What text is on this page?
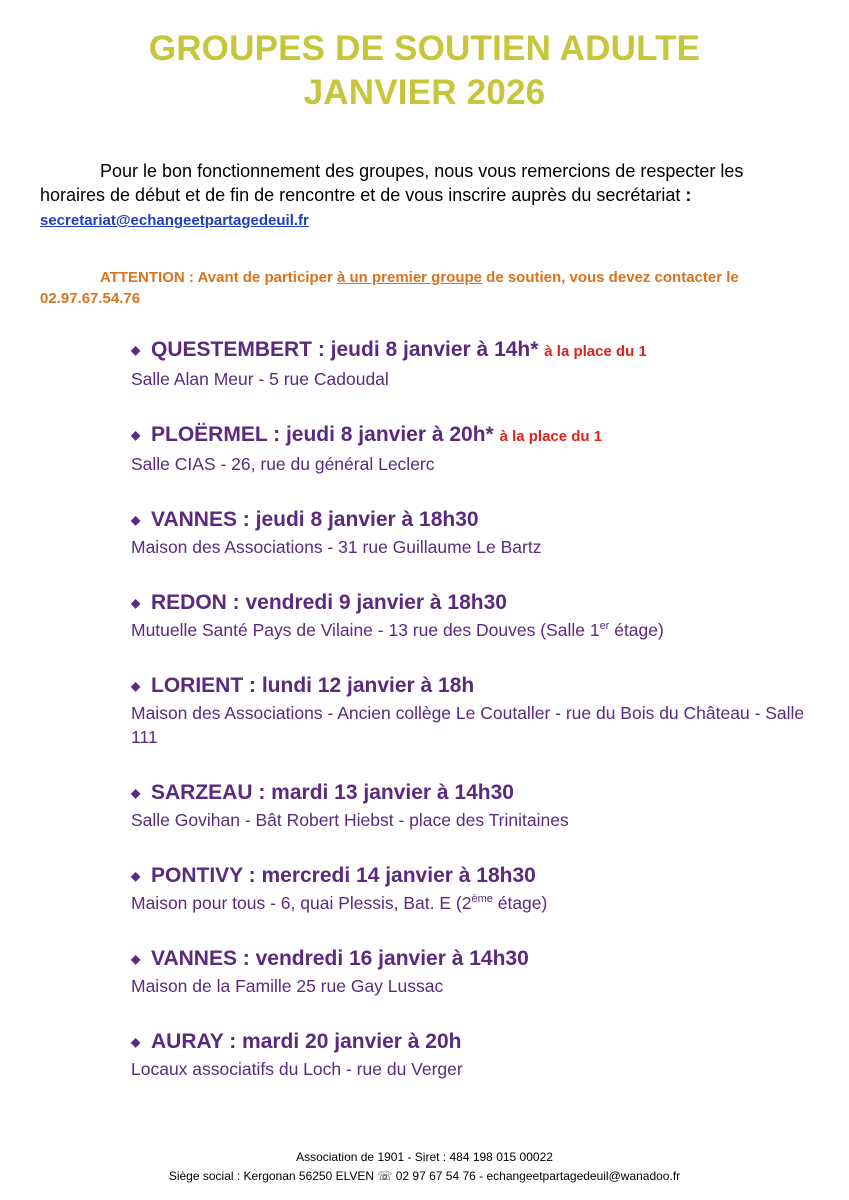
GROUPES DE SOUTIEN ADULTE
JANVIER 2026
Pour le bon fonctionnement des groupes, nous vous remercions de respecter les horaires de début et de fin de rencontre et de vous inscrire auprès du secrétariat : secretariat@echangeetpartagedeuil.fr
ATTENTION : Avant de participer à un premier groupe de soutien, vous devez contacter le 02.97.67.54.76
◆ QUESTEMBERT : jeudi 8 janvier à 14h* à la place du 1
Salle Alan Meur - 5 rue Cadoudal
◆ PLOËRMEL : jeudi 8 janvier à 20h* à la place du 1
Salle CIAS - 26, rue du général Leclerc
◆ VANNES : jeudi 8 janvier à 18h30
Maison des Associations - 31 rue Guillaume Le Bartz
◆ REDON : vendredi 9 janvier à 18h30
Mutuelle Santé Pays de Vilaine - 13 rue des Douves (Salle 1er étage)
◆ LORIENT : lundi 12 janvier à 18h
Maison des Associations - Ancien collège Le Coutaller - rue du Bois du Château - Salle 111
◆ SARZEAU : mardi 13 janvier à 14h30
Salle Govihan - Bât Robert Hiebst - place des Trinitaines
◆ PONTIVY : mercredi 14 janvier à 18h30
Maison pour tous - 6, quai Plessis, Bat. E (2ème étage)
◆ VANNES : vendredi 16 janvier à 14h30
Maison de la Famille 25 rue Gay Lussac
◆ AURAY : mardi 20 janvier à 20h
Locaux associatifs du Loch - rue du Verger
Association de 1901 - Siret : 484 198 015 00022
Siège social : Kergonan 56250 ELVEN ☏ 02 97 67 54 76 - echangeetpartagedeuil@wanadoo.fr
